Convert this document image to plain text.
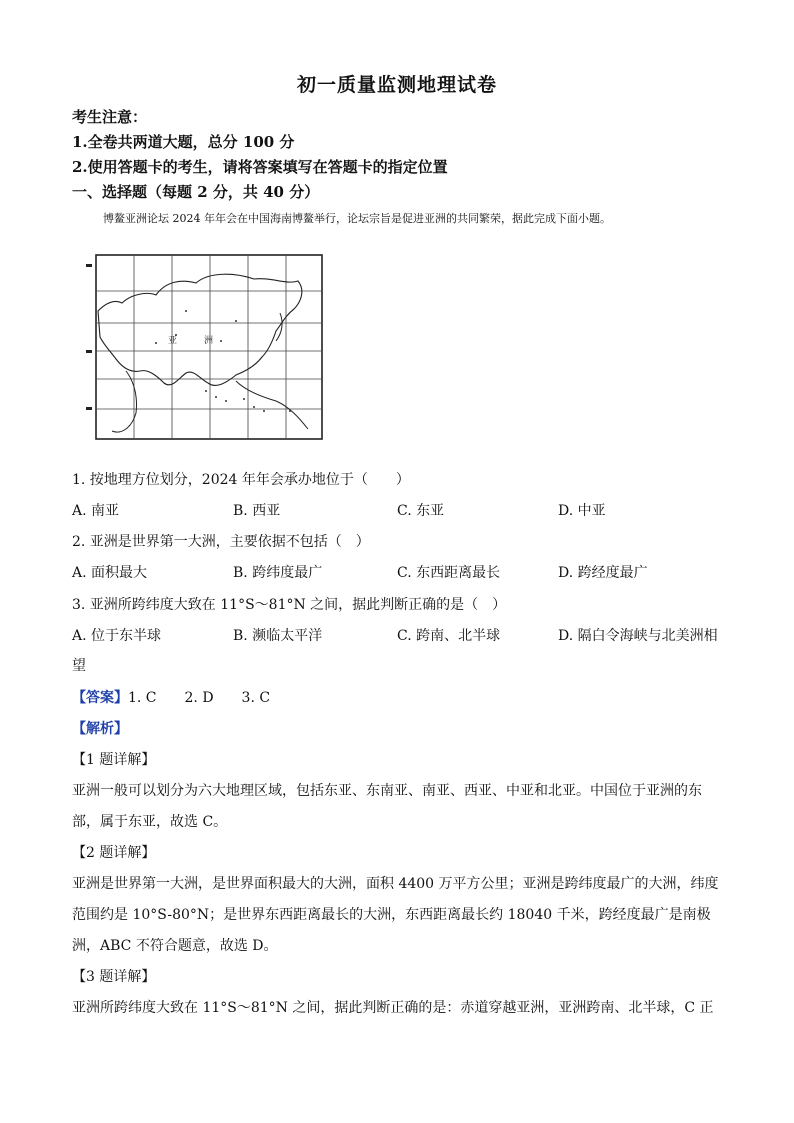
初一质量监测地理试卷
考生注意：
1.全卷共两道大题，总分 100 分
2.使用答题卡的考生，请将答案填写在答题卡的指定位置
一、选择题（每题 2 分，共 40 分）
博鳌亚洲论坛 2024 年年会在中国海南博鳌举行，论坛宗旨是促进亚洲的共同繁荣，据此完成下面小题。
亚	洲
1. 按地理方位划分，2024 年年会承办地位于（　　）
A. 南亚	B. 西亚	C. 东亚	D. 中亚
2. 亚洲是世界第一大洲，主要依据不包括（　）
A. 面积最大	B. 跨纬度最广	C. 东西距离最长	D. 跨经度最广
3. 亚洲所跨纬度大致在 11°S～81°N 之间，据此判断正确的是（　）
A. 位于东半球	B. 濒临太平洋	C. 跨南、北半球	D. 隔白令海峡与北美洲相
望
【答案】1. C　　2. D　　3. C
【解析】
【1 题详解】
亚洲一般可以划分为六大地理区域，包括东亚、东南亚、南亚、西亚、中亚和北亚。中国位于亚洲的东
部，属于东亚，故选 C。
【2 题详解】
亚洲是世界第一大洲，是世界面积最大的大洲，面积 4400 万平方公里；亚洲是跨纬度最广的大洲，纬度
范围约是 10°S-80°N；是世界东西距离最长的大洲，东西距离最长约 18040 千米，跨经度最广是南极
洲，ABC 不符合题意，故选 D。
【3 题详解】
亚洲所跨纬度大致在 11°S～81°N 之间，据此判断正确的是：赤道穿越亚洲，亚洲跨南、北半球，C 正
